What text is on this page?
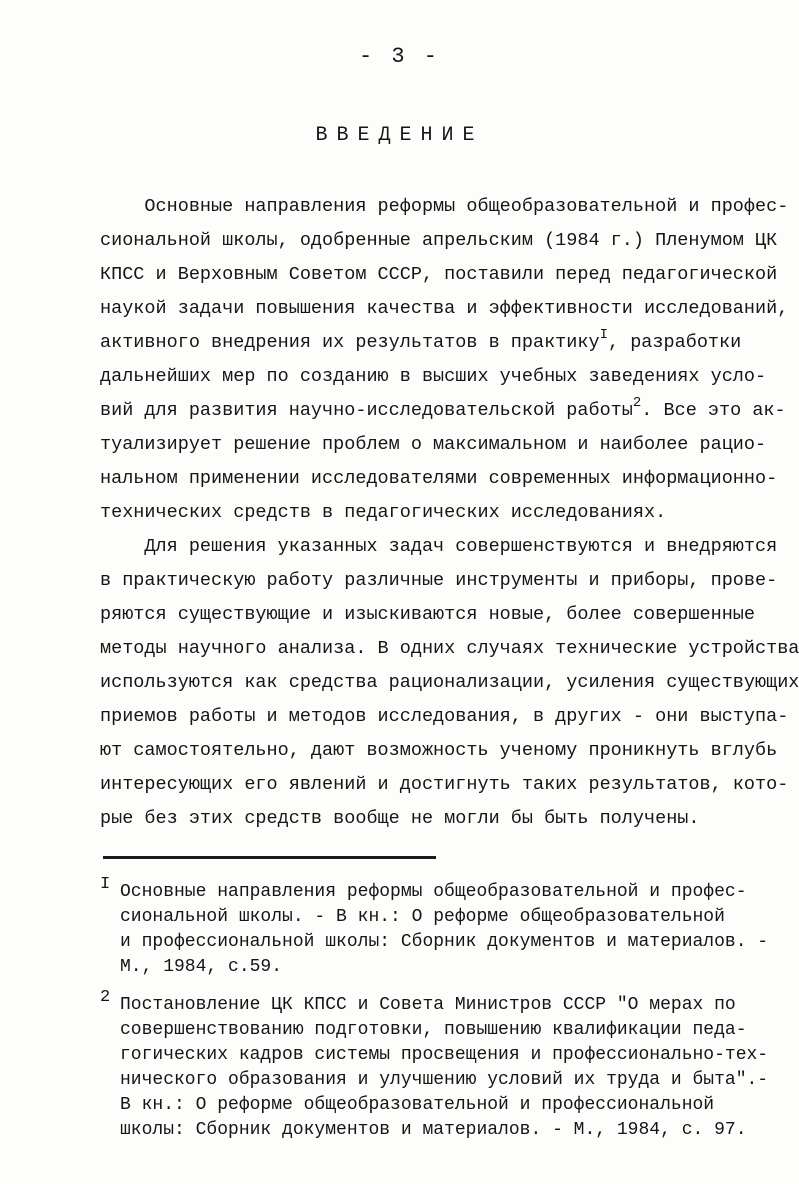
- 3 -
ВВЕДЕНИЕ
Основные направления реформы общеобразовательной и профес-
сиональной школы, одобренные апрельским (1984 г.) Пленумом ЦК
КПСС и Верховным Советом СССР, поставили перед педагогической
наукой задачи повышения качества и эффективности исследований,
активного внедрения их результатов в практику$^I$, разработки
дальнейших мер по созданию в высших учебных заведениях усло-
вий для развития научно-исследовательской работы$^2$. Все это ак-
туализирует решение проблем о максимальном и наиболее рацио-
нальном применении исследователями современных информационно-
технических средств в педагогических исследованиях.
Для решения указанных задач совершенствуются и внедряются
в практическую работу различные инструменты и приборы, прове-
ряются существующие и изыскиваются новые, более совершенные
методы научного анализа. В одних случаях технические устройства
используются как средства рационализации, усиления существующих
приемов работы и методов исследования, в других - они выступа-
ют самостоятельно, дают возможность ученому проникнуть вглубь
интересующих его явлений и достигнуть таких результатов, кото-
рые без этих средств вообще не могли бы быть получены.
I Основные направления реформы общеобразовательной и профес-
сиональной школы. - В кн.: О реформе общеобразовательной
и профессиональной школы: Сборник документов и материалов. -
М., 1984, с.59.
2 Постановление ЦК КПСС и Совета Министров СССР "О мерах по
совершенствованию подготовки, повышению квалификации педа-
гогических кадров системы просвещения и профессионально-тех-
нического образования и улучшению условий их труда и быта".-
В кн.: О реформе общеобразовательной и профессиональной
школы: Сборник документов и материалов. - М., 1984, с. 97.
